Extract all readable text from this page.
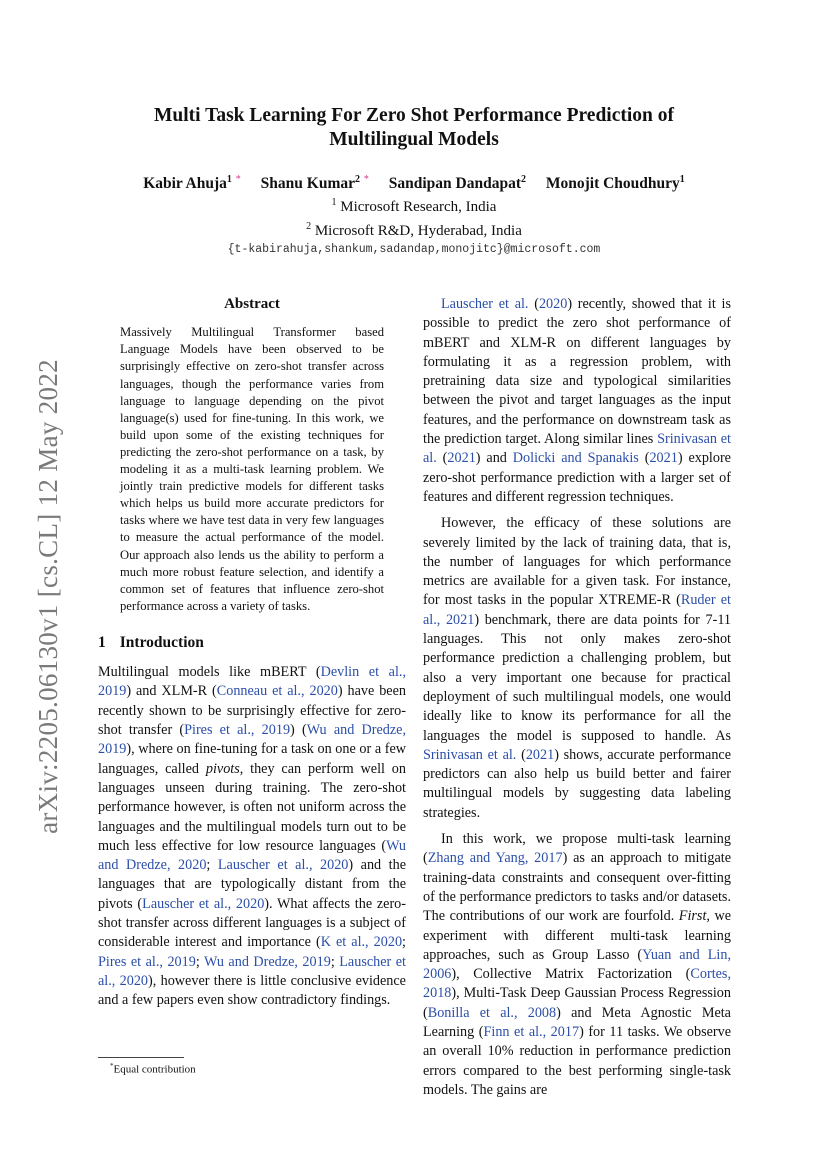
arXiv:2205.06130v1 [cs.CL] 12 May 2022

Multi Task Learning For Zero Shot Performance Prediction of

Multilingual Models

Kabir Ahuja$^1$ * Shanu Kumar$^2$ * Sandipan Dandapat$^2$ Monojit Choudhury$^1$
$^1$ Microsoft Research, India
$^2$ Microsoft R&D, Hyderabad, India
{t-kabirahuja,shankum,sadandap,monojitc}@microsoft.com
Abstract

Massively Multilingual Transformer based Language Models have been observed to be surprisingly effective on zero-shot transfer across languages, though the performance varies from language to language depending on the pivot language(s) used for fine-tuning. In this work, we build upon some of the existing techniques for predicting the zero-shot performance on a task, by modeling it as a multi-task learning problem. We jointly train predictive models for different tasks which helps us build more accurate predictors for tasks where we have test data in very few languages to measure the actual performance of the model. Our approach also lends us the ability to perform a much more robust feature selection, and identify a common set of features that influence zero-shot performance across a variety of tasks.

1 Introduction

Multilingual models like mBERT (Devlin et al., 2019) and XLM-R (Conneau et al., 2020) have been recently shown to be surprisingly effective for zero-shot transfer (Pires et al., 2019) (Wu and Dredze, 2019), where on fine-tuning for a task on one or a few languages, called pivots, they can perform well on languages unseen during training. The zero-shot performance however, is often not uniform across the languages and the multilingual models turn out to be much less effective for low resource languages (Wu and Dredze, 2020; Lauscher et al., 2020) and the languages that are typologically distant from the pivots (Lauscher et al., 2020). What affects the zero-shot transfer across different languages is a subject of considerable interest and importance (K et al., 2020; Pires et al., 2019; Wu and Dredze, 2019; Lauscher et al., 2020), however there is little conclusive evidence and a few papers even show contradictory findings.

Lauscher et al. (2020) recently, showed that it is possible to predict the zero shot performance of mBERT and XLM-R on different languages by formulating it as a regression problem, with pretraining data size and typological similarities between the pivot and target languages as the input features, and the performance on downstream task as the prediction target. Along similar lines Srinivasan et al. (2021) and Dolicki and Spanakis (2021) explore zero-shot performance prediction with a larger set of features and different regression techniques.

However, the efficacy of these solutions are severely limited by the lack of training data, that is, the number of languages for which performance metrics are available for a given task. For instance, for most tasks in the popular XTREME-R (Ruder et al., 2021) benchmark, there are data points for 7-11 languages. This not only makes zero-shot performance prediction a challenging problem, but also a very important one because for practical deployment of such multilingual models, one would ideally like to know its performance for all the languages the model is supposed to handle. As Srinivasan et al. (2021) shows, accurate performance predictors can also help us build better and fairer multilingual models by suggesting data labeling strategies.

In this work, we propose multi-task learning (Zhang and Yang, 2017) as an approach to mitigate training-data constraints and consequent over-fitting of the performance predictors to tasks and/or datasets. The contributions of our work are fourfold. First, we experiment with different multi-task learning approaches, such as Group Lasso (Yuan and Lin, 2006), Collective Matrix Factorization (Cortes, 2018), Multi-Task Deep Gaussian Process Regression (Bonilla et al., 2008) and Meta Agnostic Meta Learning (Finn et al., 2017) for 11 tasks. We observe an overall 10% reduction in performance prediction errors compared to the best performing single-task models. The gains are

*Equal contribution
